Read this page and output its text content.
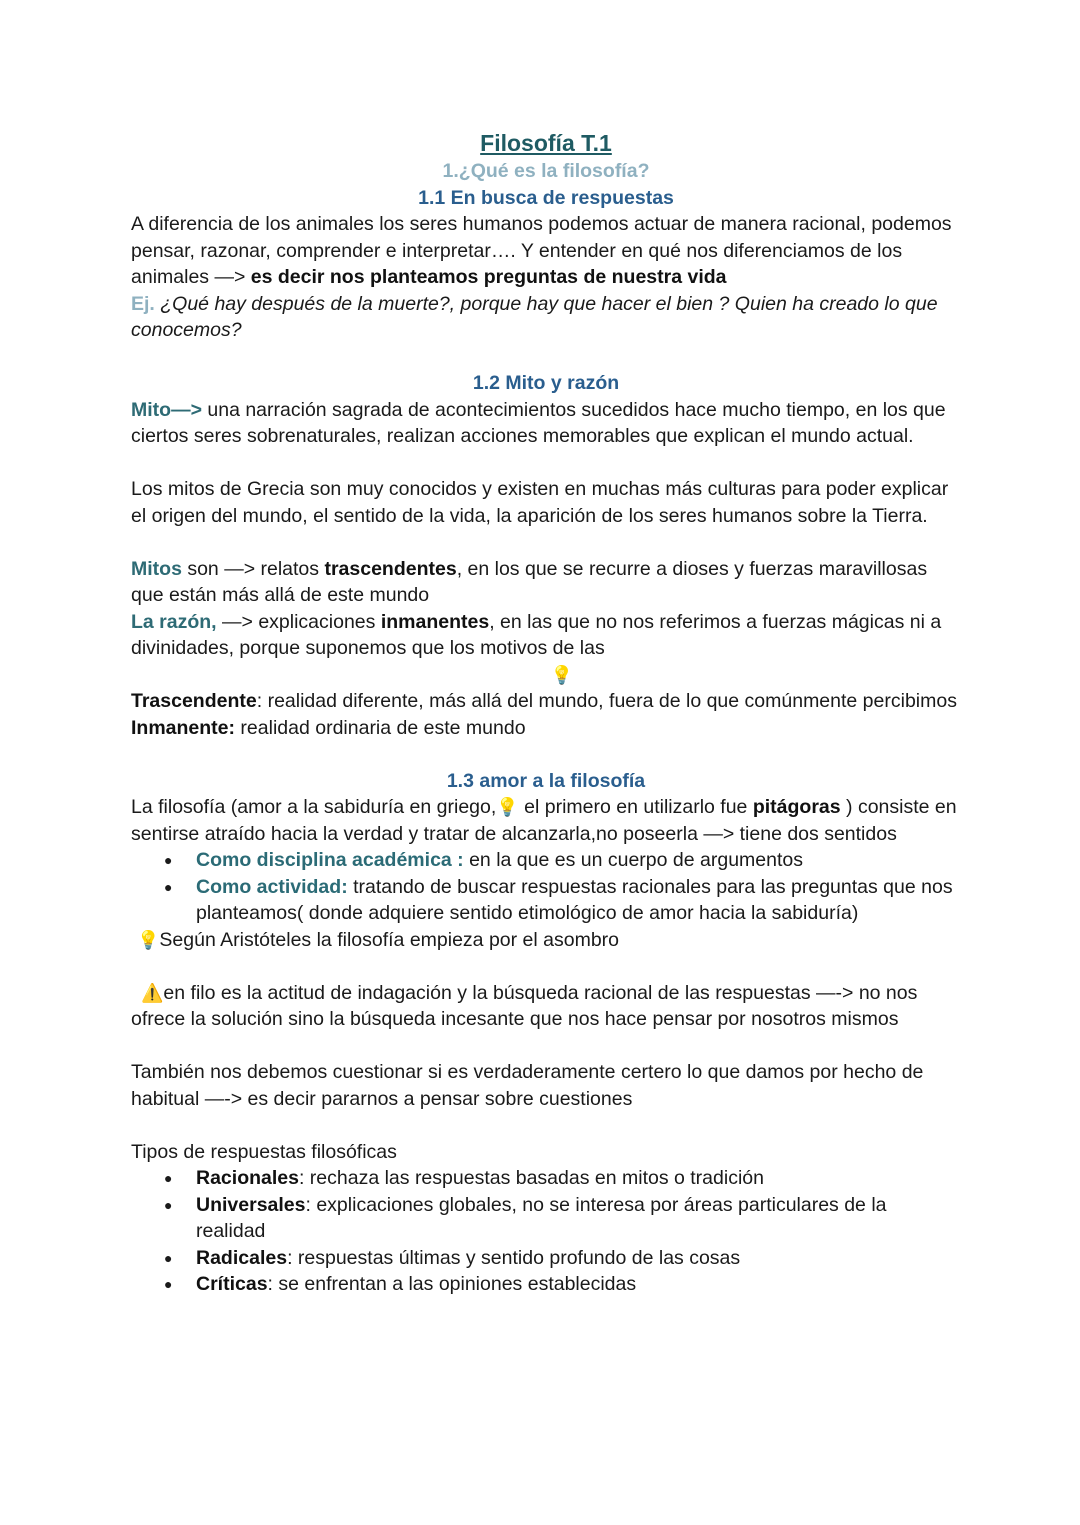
Filosofía T.1
1.¿Qué es la filosofía?
1.1 En busca de respuestas
A diferencia de los animales los seres humanos podemos actuar de manera racional, podemos pensar, razonar, comprender e interpretar…. Y entender en qué nos diferenciamos de los animales —> es decir nos planteamos preguntas de nuestra vida
Ej. ¿Qué hay después de la muerte?, porque hay que hacer el bien ? Quien ha creado lo que conocemos?
1.2 Mito y razón
Mito—> una narración sagrada de acontecimientos sucedidos hace mucho tiempo, en los que ciertos seres sobrenaturales, realizan acciones memorables que explican el mundo actual.
Los mitos de Grecia son muy conocidos y existen en muchas más culturas para poder explicar el origen del mundo, el sentido de la vida, la aparición de los seres humanos sobre la Tierra.
Mitos son —> relatos trascendentes, en los que se recurre a dioses y fuerzas maravillosas que están más allá de este mundo
La razón, —> explicaciones inmanentes, en las que no nos referimos a fuerzas mágicas ni a divinidades, porque suponemos que los motivos de las
💡
Trascendente: realidad diferente, más allá del mundo, fuera de lo que comúnmente percibimos
Inmanente: realidad ordinaria de este mundo
1.3 amor a la filosofía
La filosofía (amor a la sabiduría en griego,💡 el primero en utilizarlo fue pitágoras ) consiste en sentirse atraído hacia la verdad y tratar de alcanzarla,no poseerla —> tiene dos sentidos
● Como disciplina académica : en la que es un cuerpo de argumentos
● Como actividad: tratando de buscar respuestas racionales para las preguntas que nos planteamos( donde adquiere sentido etimológico de amor hacia la sabiduría)
💡Según Aristóteles la filosofía empieza por el asombro
⚠️en filo es la actitud de indagación y la búsqueda racional de las respuestas —-> no nos ofrece la solución sino la búsqueda incesante que nos hace pensar por nosotros mismos
También nos debemos cuestionar si es verdaderamente certero lo que damos por hecho de habitual —-> es decir pararnos a pensar sobre cuestiones
Tipos de respuestas filosóficas
● Racionales: rechaza las respuestas basadas en mitos o tradición
● Universales: explicaciones globales, no se interesa por áreas particulares de la realidad
● Radicales: respuestas últimas y sentido profundo de las cosas
● Críticas: se enfrentan a las opiniones establecidas
